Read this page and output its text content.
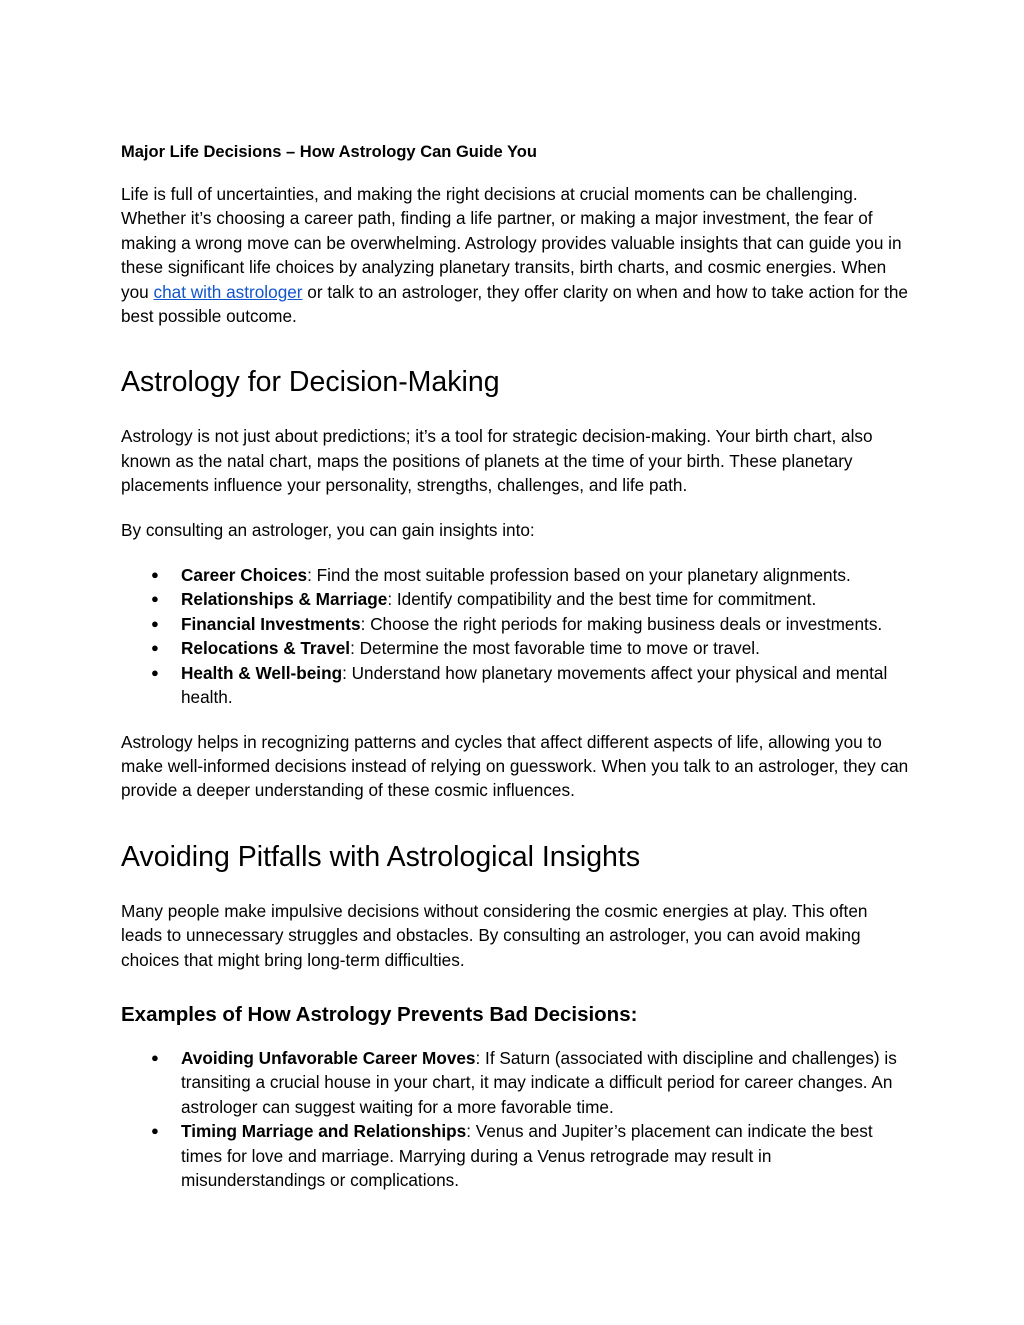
Major Life Decisions – How Astrology Can Guide You

Life is full of uncertainties, and making the right decisions at crucial moments can be challenging. Whether it’s choosing a career path, finding a life partner, or making a major investment, the fear of making a wrong move can be overwhelming. Astrology provides valuable insights that can guide you in these significant life choices by analyzing planetary transits, birth charts, and cosmic energies. When you chat with astrologer or talk to an astrologer, they offer clarity on when and how to take action for the best possible outcome.

Astrology for Decision-Making

Astrology is not just about predictions; it’s a tool for strategic decision-making. Your birth chart, also known as the natal chart, maps the positions of planets at the time of your birth. These planetary placements influence your personality, strengths, challenges, and life path.

By consulting an astrologer, you can gain insights into:

● Career Choices: Find the most suitable profession based on your planetary alignments.
● Relationships & Marriage: Identify compatibility and the best time for commitment.
● Financial Investments: Choose the right periods for making business deals or investments.
● Relocations & Travel: Determine the most favorable time to move or travel.
● Health & Well-being: Understand how planetary movements affect your physical and mental health.

Astrology helps in recognizing patterns and cycles that affect different aspects of life, allowing you to make well-informed decisions instead of relying on guesswork. When you talk to an astrologer, they can provide a deeper understanding of these cosmic influences.

Avoiding Pitfalls with Astrological Insights

Many people make impulsive decisions without considering the cosmic energies at play. This often leads to unnecessary struggles and obstacles. By consulting an astrologer, you can avoid making choices that might bring long-term difficulties.

Examples of How Astrology Prevents Bad Decisions:
● Avoiding Unfavorable Career Moves: If Saturn (associated with discipline and challenges) is transiting a crucial house in your chart, it may indicate a difficult period for career changes. An astrologer can suggest waiting for a more favorable time.
● Timing Marriage and Relationships: Venus and Jupiter’s placement can indicate the best times for love and marriage. Marrying during a Venus retrograde may result in misunderstandings or complications.
